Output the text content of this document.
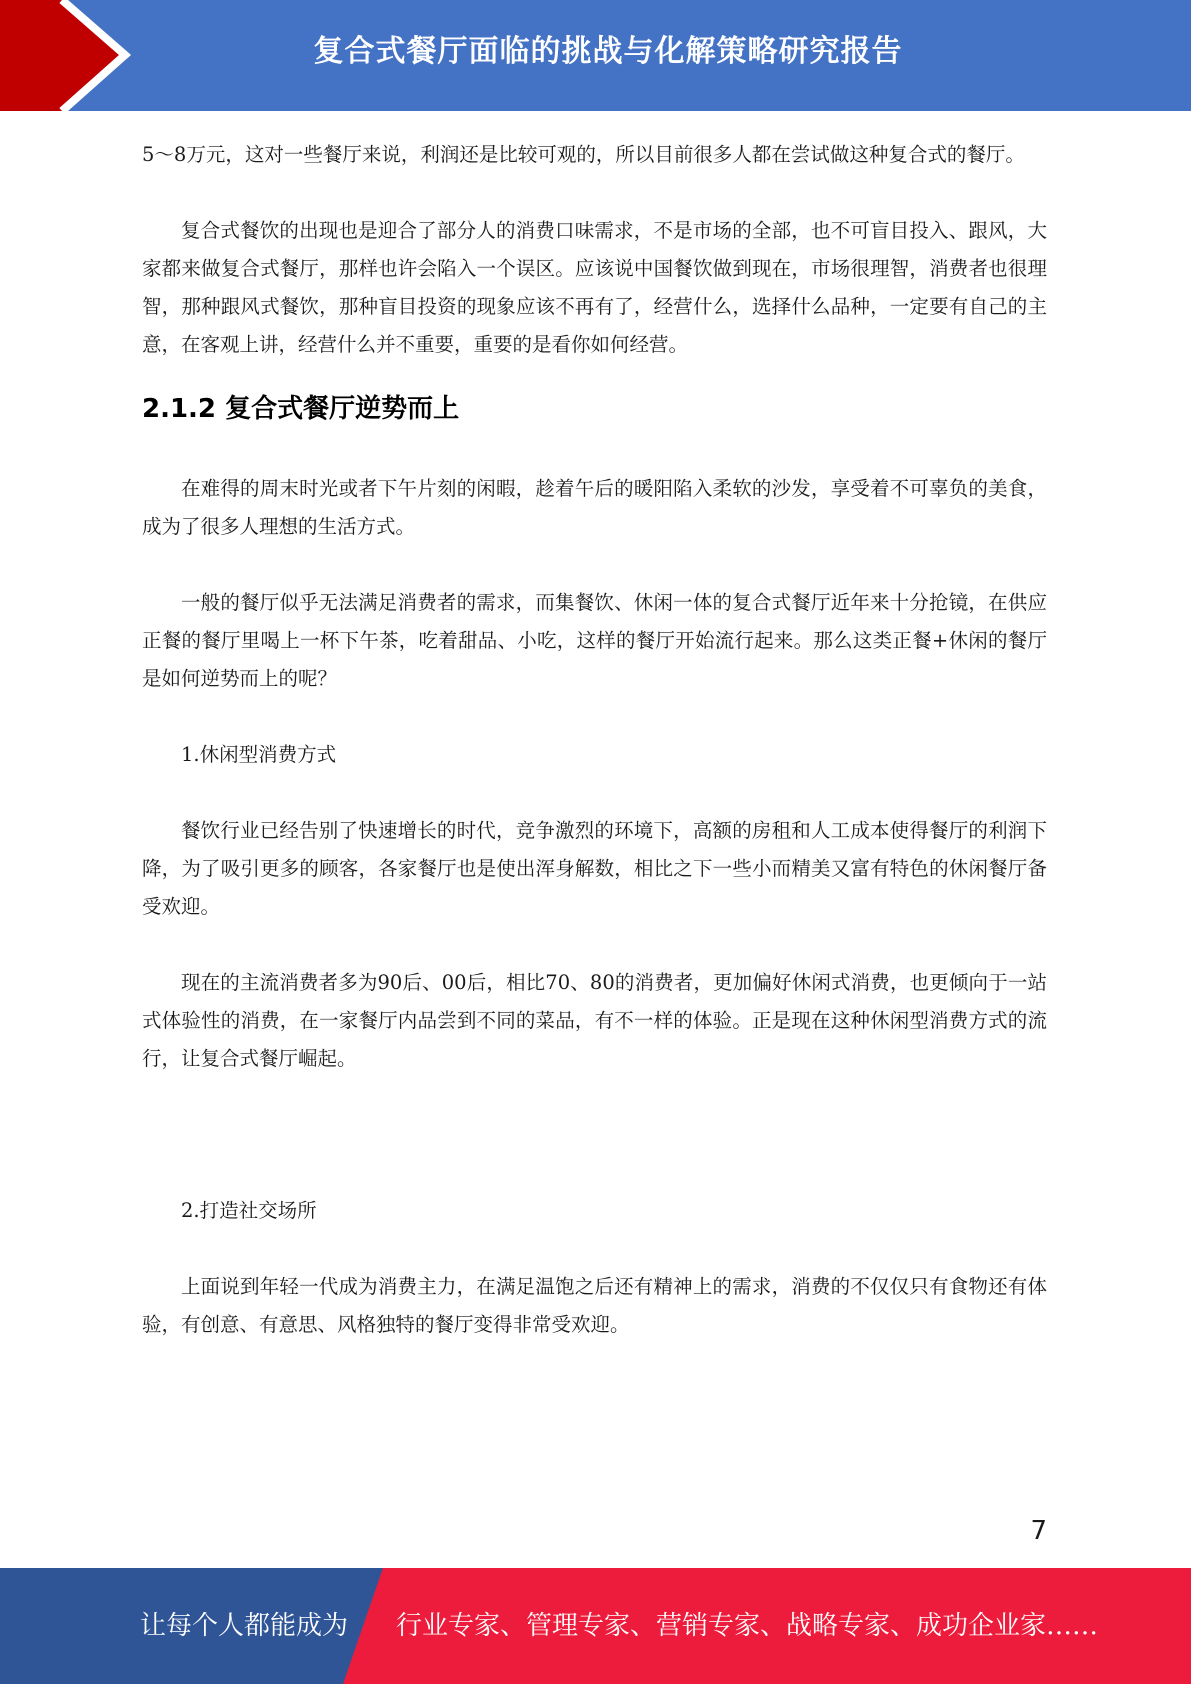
复合式餐厅面临的挑战与化解策略研究报告

5～8万元，这对一些餐厅来说，利润还是比较可观的，所以目前很多人都在尝试做这种复合式的餐厅。

复合式餐饮的出现也是迎合了部分人的消费口味需求，不是市场的全部，也不可盲目投入、跟风，大家都来做复合式餐厅，那样也许会陷入一个误区。应该说中国餐饮做到现在，市场很理智，消费者也很理智，那种跟风式餐饮，那种盲目投资的现象应该不再有了，经营什么，选择什么品种，一定要有自己的主意，在客观上讲，经营什么并不重要，重要的是看你如何经营。

2.1.2 复合式餐厅逆势而上

在难得的周末时光或者下午片刻的闲暇，趁着午后的暖阳陷入柔软的沙发，享受着不可辜负的美食，成为了很多人理想的生活方式。

一般的餐厅似乎无法满足消费者的需求，而集餐饮、休闲一体的复合式餐厅近年来十分抢镜，在供应正餐的餐厅里喝上一杯下午茶，吃着甜品、小吃，这样的餐厅开始流行起来。那么这类正餐+休闲的餐厅是如何逆势而上的呢？

1.休闲型消费方式

餐饮行业已经告别了快速增长的时代，竞争激烈的环境下，高额的房租和人工成本使得餐厅的利润下降，为了吸引更多的顾客，各家餐厅也是使出浑身解数，相比之下一些小而精美又富有特色的休闲餐厅备受欢迎。

现在的主流消费者多为90后、00后，相比70、80的消费者，更加偏好休闲式消费，也更倾向于一站式体验性的消费，在一家餐厅内品尝到不同的菜品，有不一样的体验。正是现在这种休闲型消费方式的流行，让复合式餐厅崛起。

2.打造社交场所

上面说到年轻一代成为消费主力，在满足温饱之后还有精神上的需求，消费的不仅仅只有食物还有体验，有创意、有意思、风格独特的餐厅变得非常受欢迎。

7
让每个人都能成为 行业专家、管理专家、营销专家、战略专家、成功企业家……
